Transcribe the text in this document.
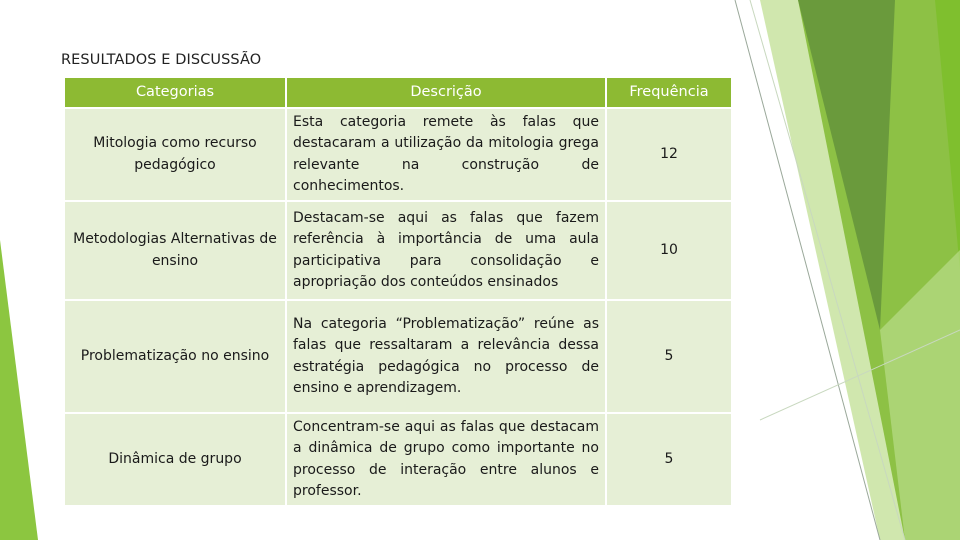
RESULTADOS E DISCUSSÃO
Categorias	Descrição	Frequência
Mitologia como recurso pedagógico	Esta categoria remete às falas que destacaram a utilização da mitologia grega relevante na construção de conhecimentos.	12
Metodologias Alternativas de ensino	Destacam-se aqui as falas que fazem referência à importância de uma aula participativa para consolidação e apropriação dos conteúdos ensinados	10
Problematização no ensino	Na categoria “Problematização” reúne as falas que ressaltaram a relevância dessa estratégia pedagógica no processo de ensino e aprendizagem.	5
Dinâmica de grupo	Concentram-se aqui as falas que destacam a dinâmica de grupo como importante no processo de interação entre alunos e professor.	5
